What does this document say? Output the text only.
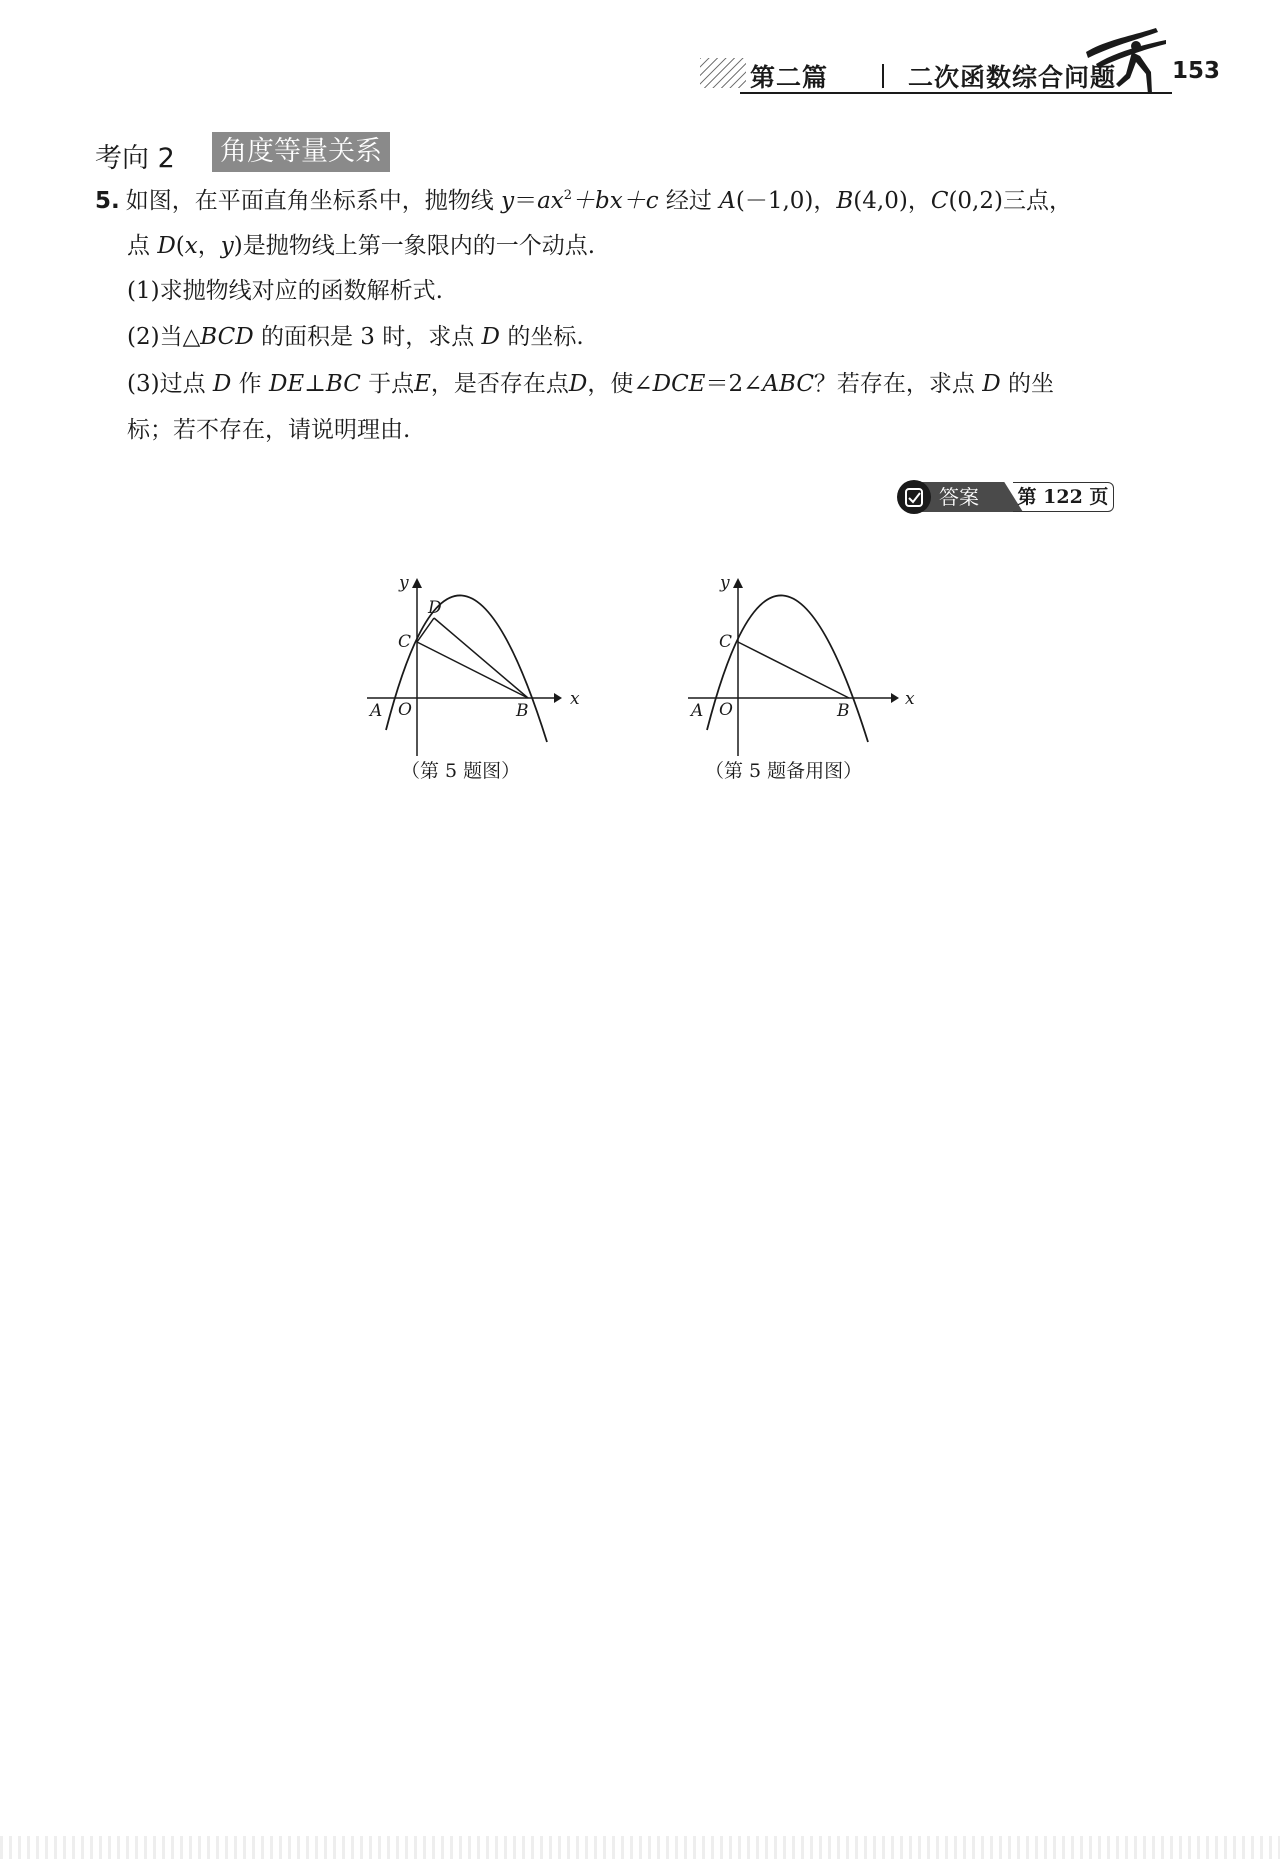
第二篇	二次函数综合问题 153
考向 2 角度等量关系
5. 如图，在平面直角坐标系中，抛物线 $y=ax^2+bx+c$ 经过 A(－1,0)，B(4,0)，C(0,2)三点，
点 D(x，y)是抛物线上第一象限内的一个动点.
(1)求抛物线对应的函数解析式.
(2)当△BCD 的面积是 3 时，求点 D 的坐标.
(3)过点 D 作 DE⊥BC 于点E，是否存在点D，使∠DCE＝2∠ABC？若存在，求点 D 的坐
标；若不存在，请说明理由.
答案 第 122 页
y
x
O
A	B
C
D
（第 5 题图）
y
x
O
A	B
C
（第 5 题备用图）
